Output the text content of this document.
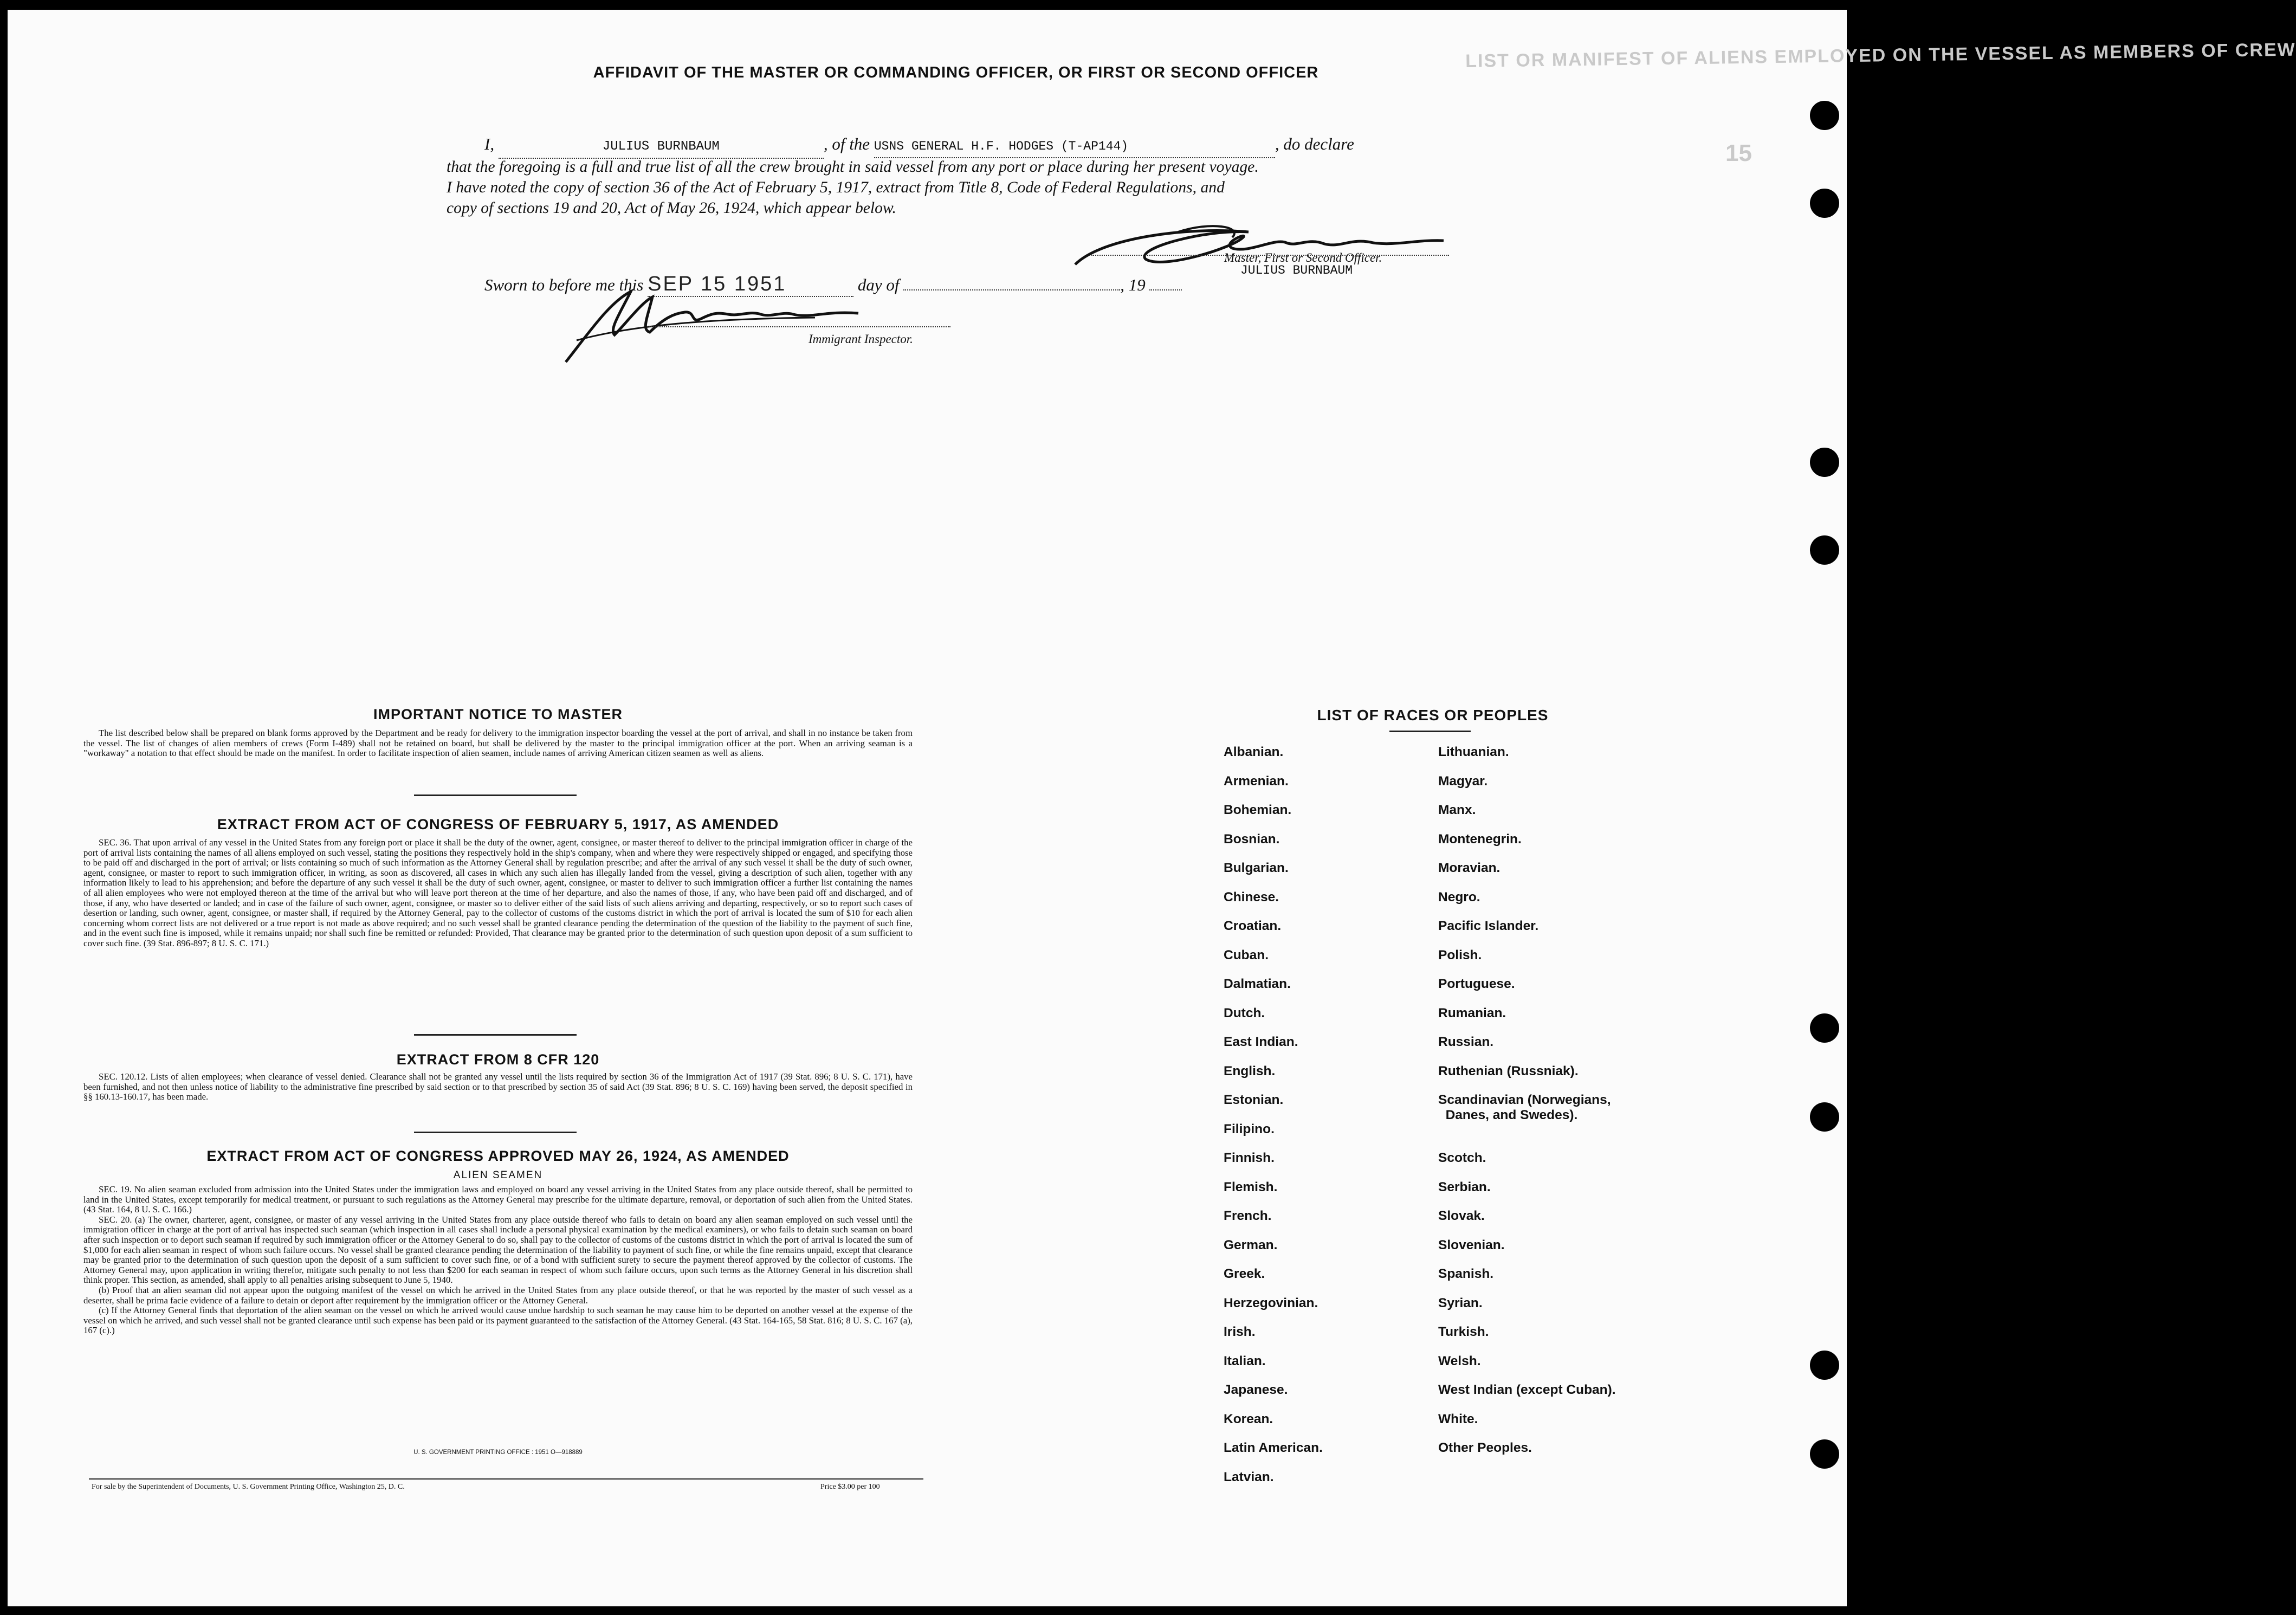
LIST OR MANIFEST OF ALIENS EMPLOYED ON THE VESSEL AS MEMBERS OF CREW
15
AFFIDAVIT OF THE MASTER OR COMMANDING OFFICER, OR FIRST OR SECOND OFFICER
I,	JULIUS BURNBAUM	, of the USNS GENERAL H.F. HODGES (T-AP144)	, do declare
that the foregoing is a full and true list of all the crew brought in said vessel from any port or place during her present voyage.
I have noted the copy of section 36 of the Act of February 5, 1917, extract from Title 8, Code of Federal Regulations, and
copy of sections 19 and 20, Act of May 26, 1924, which appear below.
Master, First or Second Officer.
JULIUS BURNBAUM
Sworn to before me this SEP 15 1951	day of	, 19
Immigrant Inspector.
IMPORTANT NOTICE TO MASTER

The list described below shall be prepared on blank forms approved by the Department and be ready for delivery to the immigration inspector boarding the vessel at the port of arrival, and shall in no instance be taken from the vessel. The list of changes of alien members of crews (Form I-489) shall not be retained on board, but shall be delivered by the master to the principal immigration officer at the port. When an arriving seaman is a "workaway" a notation to that effect should be made on the manifest. In order to facilitate inspection of alien seamen, include names of arriving American citizen seamen as well as aliens.

EXTRACT FROM ACT OF CONGRESS OF FEBRUARY 5, 1917, AS AMENDED

SEC. 36. That upon arrival of any vessel in the United States from any foreign port or place it shall be the duty of the owner, agent, consignee, or master thereof to deliver to the principal immigration officer in charge of the port of arrival lists containing the names of all aliens employed on such vessel, stating the positions they respectively hold in the ship's company, when and where they were respectively shipped or engaged, and specifying those to be paid off and discharged in the port of arrival; or lists containing so much of such information as the Attorney General shall by regulation prescribe; and after the arrival of any such vessel it shall be the duty of such owner, agent, consignee, or master to report to such immigration officer, in writing, as soon as discovered, all cases in which any such alien has illegally landed from the vessel, giving a description of such alien, together with any information likely to lead to his apprehension; and before the departure of any such vessel it shall be the duty of such owner, agent, consignee, or master to deliver to such immigration officer a further list containing the names of all alien employees who were not employed thereon at the time of the arrival but who will leave port thereon at the time of her departure, and also the names of those, if any, who have been paid off and discharged, and of those, if any, who have deserted or landed; and in case of the failure of such owner, agent, consignee, or master so to deliver either of the said lists of such aliens arriving and departing, respectively, or so to report such cases of desertion or landing, such owner, agent, consignee, or master shall, if required by the Attorney General, pay to the collector of customs of the customs district in which the port of arrival is located the sum of $10 for each alien concerning whom correct lists are not delivered or a true report is not made as above required; and no such vessel shall be granted clearance pending the determination of the question of the liability to the payment of such fine, and in the event such fine is imposed, while it remains unpaid; nor shall such fine be remitted or refunded: Provided, That clearance may be granted prior to the determination of such question upon deposit of a sum sufficient to cover such fine. (39 Stat. 896-897; 8 U. S. C. 171.)

EXTRACT FROM 8 CFR 120

SEC. 120.12. Lists of alien employees; when clearance of vessel denied. Clearance shall not be granted any vessel until the lists required by section 36 of the Immigration Act of 1917 (39 Stat. 896; 8 U. S. C. 171), have been furnished, and not then unless notice of liability to the administrative fine prescribed by said section or to that prescribed by section 35 of said Act (39 Stat. 896; 8 U. S. C. 169) having been served, the deposit specified in §§ 160.13-160.17, has been made.

EXTRACT FROM ACT OF CONGRESS APPROVED MAY 26, 1924, AS AMENDED
ALIEN SEAMEN

SEC. 19. No alien seaman excluded from admission into the United States under the immigration laws and employed on board any vessel arriving in the United States from any place outside thereof, shall be permitted to land in the United States, except temporarily for medical treatment, or pursuant to such regulations as the Attorney General may prescribe for the ultimate departure, removal, or deportation of such alien from the United States. (43 Stat. 164, 8 U. S. C. 166.)

SEC. 20. (a) The owner, charterer, agent, consignee, or master of any vessel arriving in the United States from any place outside thereof who fails to detain on board any alien seaman employed on such vessel until the immigration officer in charge at the port of arrival has inspected such seaman (which inspection in all cases shall include a personal physical examination by the medical examiners), or who fails to detain such seaman on board after such inspection or to deport such seaman if required by such immigration officer or the Attorney General to do so, shall pay to the collector of customs of the customs district in which the port of arrival is located the sum of $1,000 for each alien seaman in respect of whom such failure occurs. No vessel shall be granted clearance pending the determination of the liability to payment of such fine, or while the fine remains unpaid, except that clearance may be granted prior to the determination of such question upon the deposit of a sum sufficient to cover such fine, or of a bond with sufficient surety to secure the payment thereof approved by the collector of customs. The Attorney General may, upon application in writing therefor, mitigate such penalty to not less than $200 for each seaman in respect of whom such failure occurs, upon such terms as the Attorney General in his discretion shall think proper. This section, as amended, shall apply to all penalties arising subsequent to June 5, 1940.

(b) Proof that an alien seaman did not appear upon the outgoing manifest of the vessel on which he arrived in the United States from any place outside thereof, or that he was reported by the master of such vessel as a deserter, shall be prima facie evidence of a failure to detain or deport after requirement by the immigration officer or the Attorney General.

(c) If the Attorney General finds that deportation of the alien seaman on the vessel on which he arrived would cause undue hardship to such seaman he may cause him to be deported on another vessel at the expense of the vessel on which he arrived, and such vessel shall not be granted clearance until such expense has been paid or its payment guaranteed to the satisfaction of the Attorney General. (43 Stat. 164-165, 58 Stat. 816; 8 U. S. C. 167 (a), 167 (c).)

U. S. GOVERNMENT PRINTING OFFICE : 1951 O—918889
For sale by the Superintendent of Documents, U. S. Government Printing Office, Washington 25, D. C.	Price $3.00 per 100
LIST OF RACES OR PEOPLES
Albanian.
Armenian.
Bohemian.
Bosnian.
Bulgarian.
Chinese.
Croatian.
Cuban.
Dalmatian.
Dutch.
East Indian.
English.
Estonian.
Filipino.
Finnish.
Flemish.
French.
German.
Greek.
Herzegovinian.
Irish.
Italian.
Japanese.
Korean.
Latin American.
Latvian.
Lithuanian.
Magyar.
Manx.
Montenegrin.
Moravian.
Negro.
Pacific Islander.
Polish.
Portuguese.
Rumanian.
Russian.
Ruthenian (Russniak).
Scandinavian (Norwegians,
Danes, and Swedes).
Scotch.
Serbian.
Slovak.
Slovenian.
Spanish.
Syrian.
Turkish.
Welsh.
West Indian (except Cuban).
White.
Other Peoples.
